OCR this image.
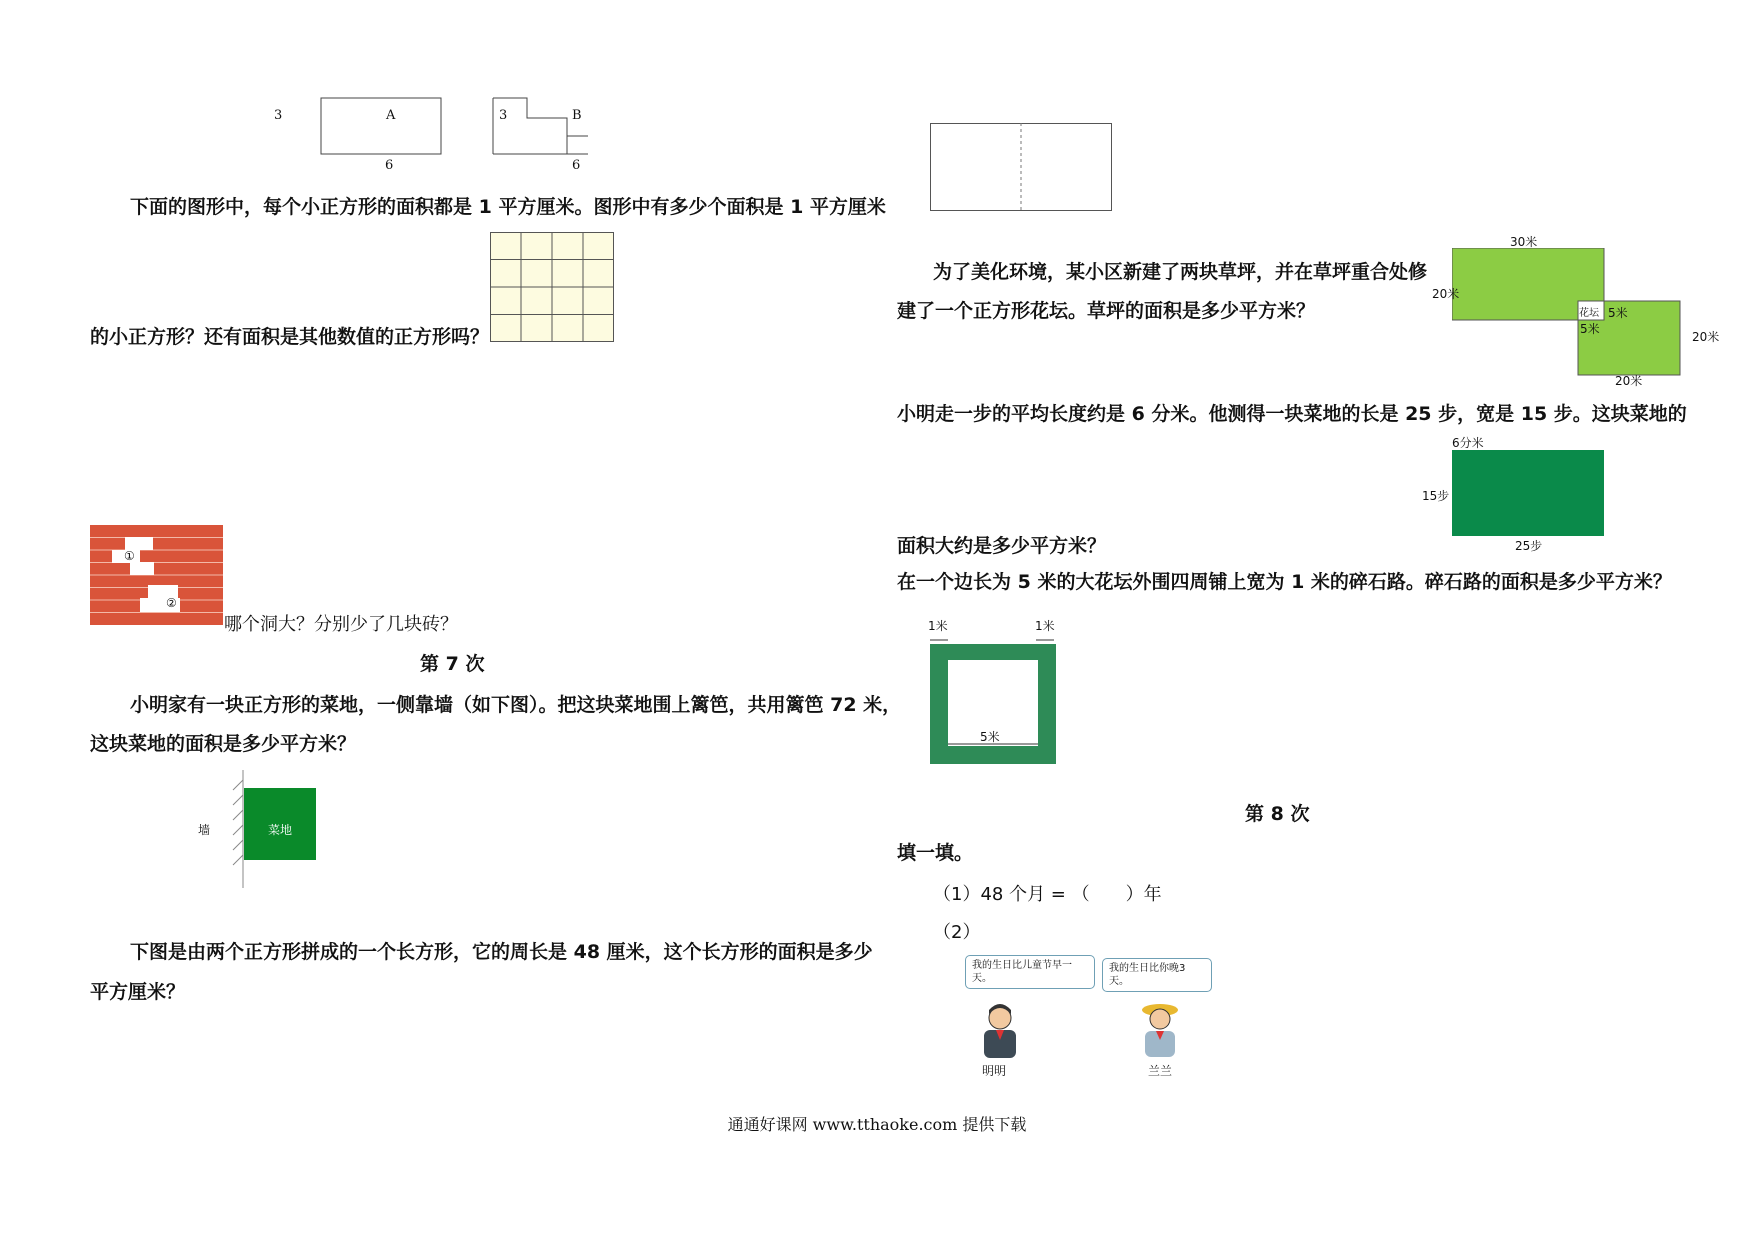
3	A
6
3	B
6
下面的图形中，每个小正方形的面积都是 1 平方厘米。图形中有多少个面积是 1 平方厘米
的小正方形？还有面积是其他数值的正方形吗？
①
②
哪个洞大？分别少了几块砖？
第 7 次
小明家有一块正方形的菜地，一侧靠墙（如下图）。把这块菜地围上篱笆，共用篱笆 72 米，
这块菜地的面积是多少平方米？
墙	菜地
下图是由两个正方形拼成的一个长方形，它的周长是 48 厘米，这个长方形的面积是多少
平方厘米？
为了美化环境，某小区新建了两块草坪，并在草坪重合处修
建了一个正方形花坛。草坪的面积是多少平方米？
30米
20米
花坛 5米
5米
20米
20米
小明走一步的平均长度约是 6 分米。他测得一块菜地的长是 25 步，宽是 15 步。这块菜地的
6分米
15步
25步
面积大约是多少平方米？
在一个边长为 5 米的大花坛外围四周铺上宽为 1 米的碎石路。碎石路的面积是多少平方米？
1米	1米
5米
第 8 次
填一填。
（1）48 个月 = （　　）年
（2）
我的生日比儿童节早一天。
我的生日比你晚3天。
明明	兰兰
通通好课网 www.tthaoke.com 提供下载
